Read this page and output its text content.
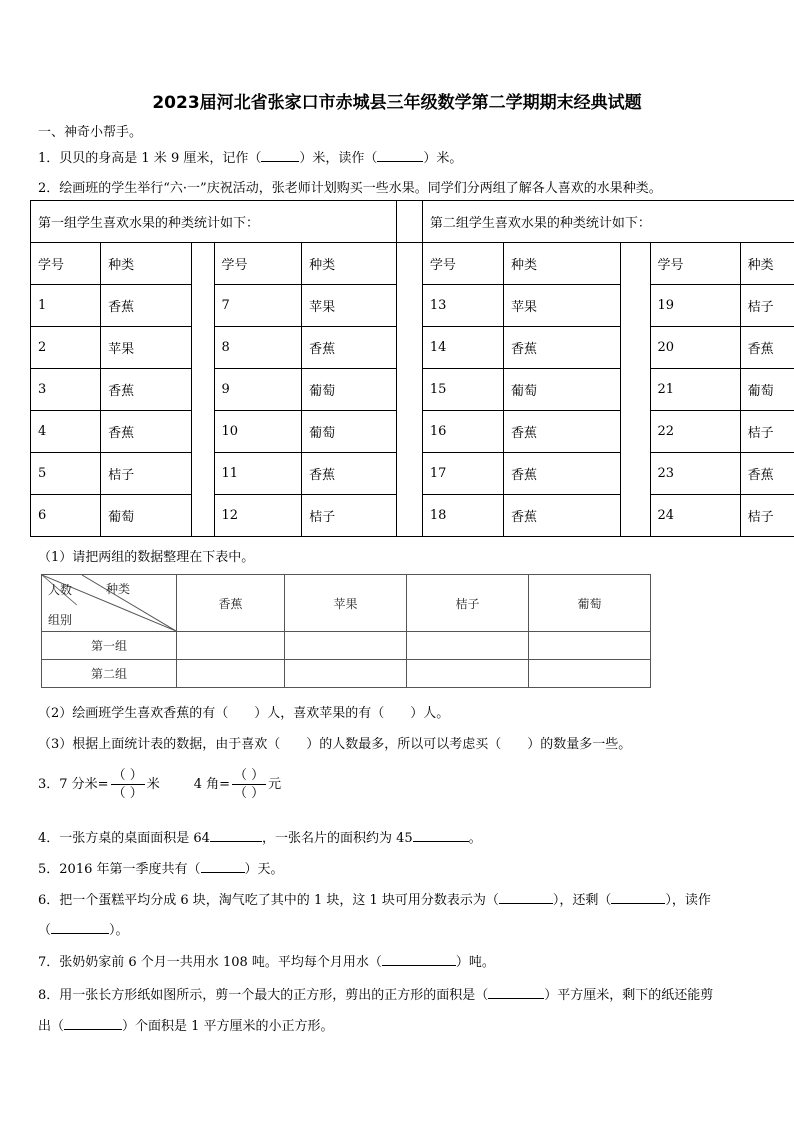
2023届河北省张家口市赤城县三年级数学第二学期期末经典试题
一、神奇小帮手。
1．贝贝的身高是 1 米 9 厘米，记作（	）米，读作（	）米。
2．绘画班的学生举行“六·一”庆祝活动，张老师计划购买一些水果。同学们分两组了解各人喜欢的水果种类。
第一组学生喜欢水果的种类统计如下：						第二组学生喜欢水果的种类统计如下：				
学号	种类		学号	种类		学号	种类		学号	种类
1	香蕉		7	苹果		13	苹果		19	桔子
2	苹果		8	香蕉		14	香蕉		20	香蕉
3	香蕉		9	葡萄		15	葡萄		21	葡萄
4	香蕉		10	葡萄		16	香蕉		22	桔子
5	桔子		11	香蕉		17	香蕉		23	香蕉
6	葡萄		12	桔子		18	香蕉		24	桔子
（1）请把两组的数据整理在下表中。
人数 种类
组别	香蕉	苹果	桔子	葡萄
第一组				
第二组				
（2）绘画班学生喜欢香蕉的有（　　）人，喜欢苹果的有（　　）人。
（3）根据上面统计表的数据，由于喜欢（　　）的人数最多，所以可以考虑买（　　）的数量多一些。
3．7 分米= $\frac{( )}{( )}$ 米	4 角= $\frac{( )}{( )}$ 元
4．一张方桌的桌面面积是 64	，一张名片的面积约为 45	。
5．2016 年第一季度共有（	）天。
6．把一个蛋糕平均分成 6 块，淘气吃了其中的 1 块，这 1 块可用分数表示为（	），还剩（	），读作
（	）。
7．张奶奶家前 6 个月一共用水 108 吨。平均每个月用水（	）吨。
8．用一张长方形纸如图所示，剪一个最大的正方形，剪出的正方形的面积是（	）平方厘米，剩下的纸还能剪
出（	）个面积是 1 平方厘米的小正方形。
